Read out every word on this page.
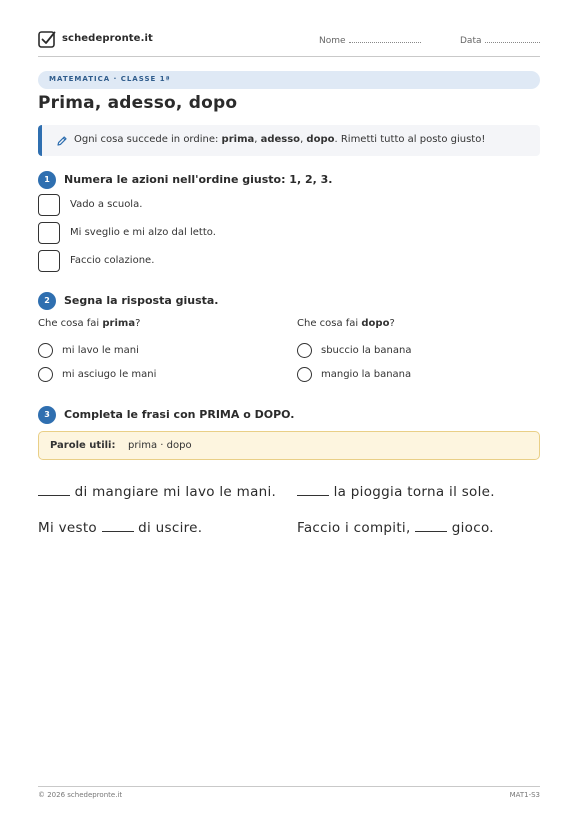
schedepronte.it	Nome	Data
MATEMATICA · CLASSE 1ª
Prima, adesso, dopo
Ogni cosa succede in ordine: prima, adesso, dopo. Rimetti tutto al posto giusto!
1	Numera le azioni nell'ordine giusto: 1, 2, 3.
Vado a scuola.
Mi sveglio e mi alzo dal letto.
Faccio colazione.
2	Segna la risposta giusta.
Che cosa fai prima?
mi lavo le mani
mi asciugo le mani
Che cosa fai dopo?
sbuccio la banana
mangio la banana
3	Completa le frasi con PRIMA o DOPO.
Parole utili: prima · dopo
di mangiare mi lavo le mani.	la pioggia torna il sole.
Mi vesto  di uscire.	Faccio i compiti,  gioco.
© 2026 schedepronte.it	MAT1-S3
